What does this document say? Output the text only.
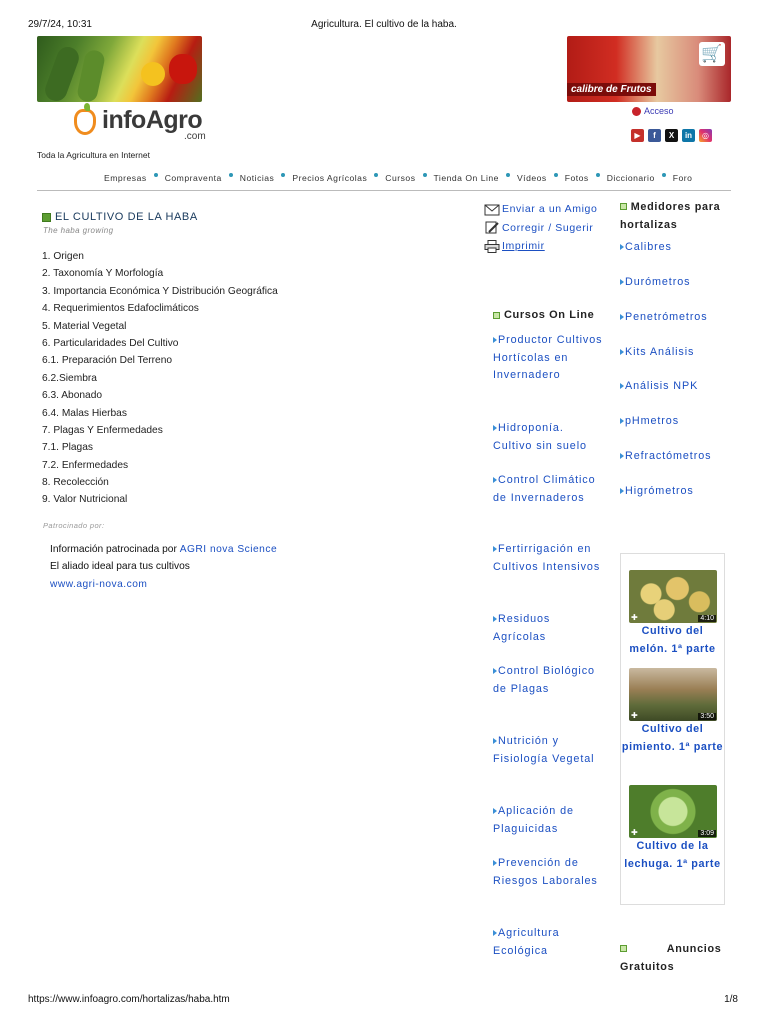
29/7/24, 10:31	Agricultura. El cultivo de la haba.
infoAgro
.com
Toda la Agricultura en Internet
🛒
calibre de Frutos
Acceso
▶	f	X	in	◎
Empresas Compraventa Noticias Precios Agrícolas Cursos Tienda On Line Vídeos Fotos Diccionario Foro
EL CULTIVO DE LA HABA
The haba growing
1. Origen
2. Taxonomía Y Morfología
3. Importancia Económica Y Distribución Geográfica
4. Requerimientos Edafoclimáticos
5. Material Vegetal
6. Particularidades Del Cultivo
6.1. Preparación Del Terreno
6.2.Siembra
6.3. Abonado
6.4. Malas Hierbas
7. Plagas Y Enfermedades
7.1. Plagas
7.2. Enfermedades
8. Recolección
9. Valor Nutricional
Patrocinado por:
Información patrocinada por AGRI nova Science
El aliado ideal para tus cultivos
www.agri-nova.com
Enviar a un Amigo
Corregir / Sugerir
Imprimir
Cursos On Line
Productor Cultivos Hortícolas en Invernadero
Hidroponía. Cultivo sin suelo
Control Climático de Invernaderos
Fertirrigación en Cultivos Intensivos
Residuos Agrícolas
Control Biológico de Plagas
Nutrición y Fisiología Vegetal
Aplicación de Plaguicidas
Prevención de Riesgos Laborales
Agricultura Ecológica
Medidores para hortalizas
Calibres
Durómetros
Penetrómetros
Kits Análisis
Análisis NPK
pHmetros
Refractómetros
Higrómetros
✚	4:10
Cultivo del melón. 1ª parte
✚	3:50
Cultivo del pimiento. 1ª parte
✚	3:09
Cultivo de la lechuga. 1ª parte
Anuncios Gratuitos
https://www.infoagro.com/hortalizas/haba.htm	1/8
